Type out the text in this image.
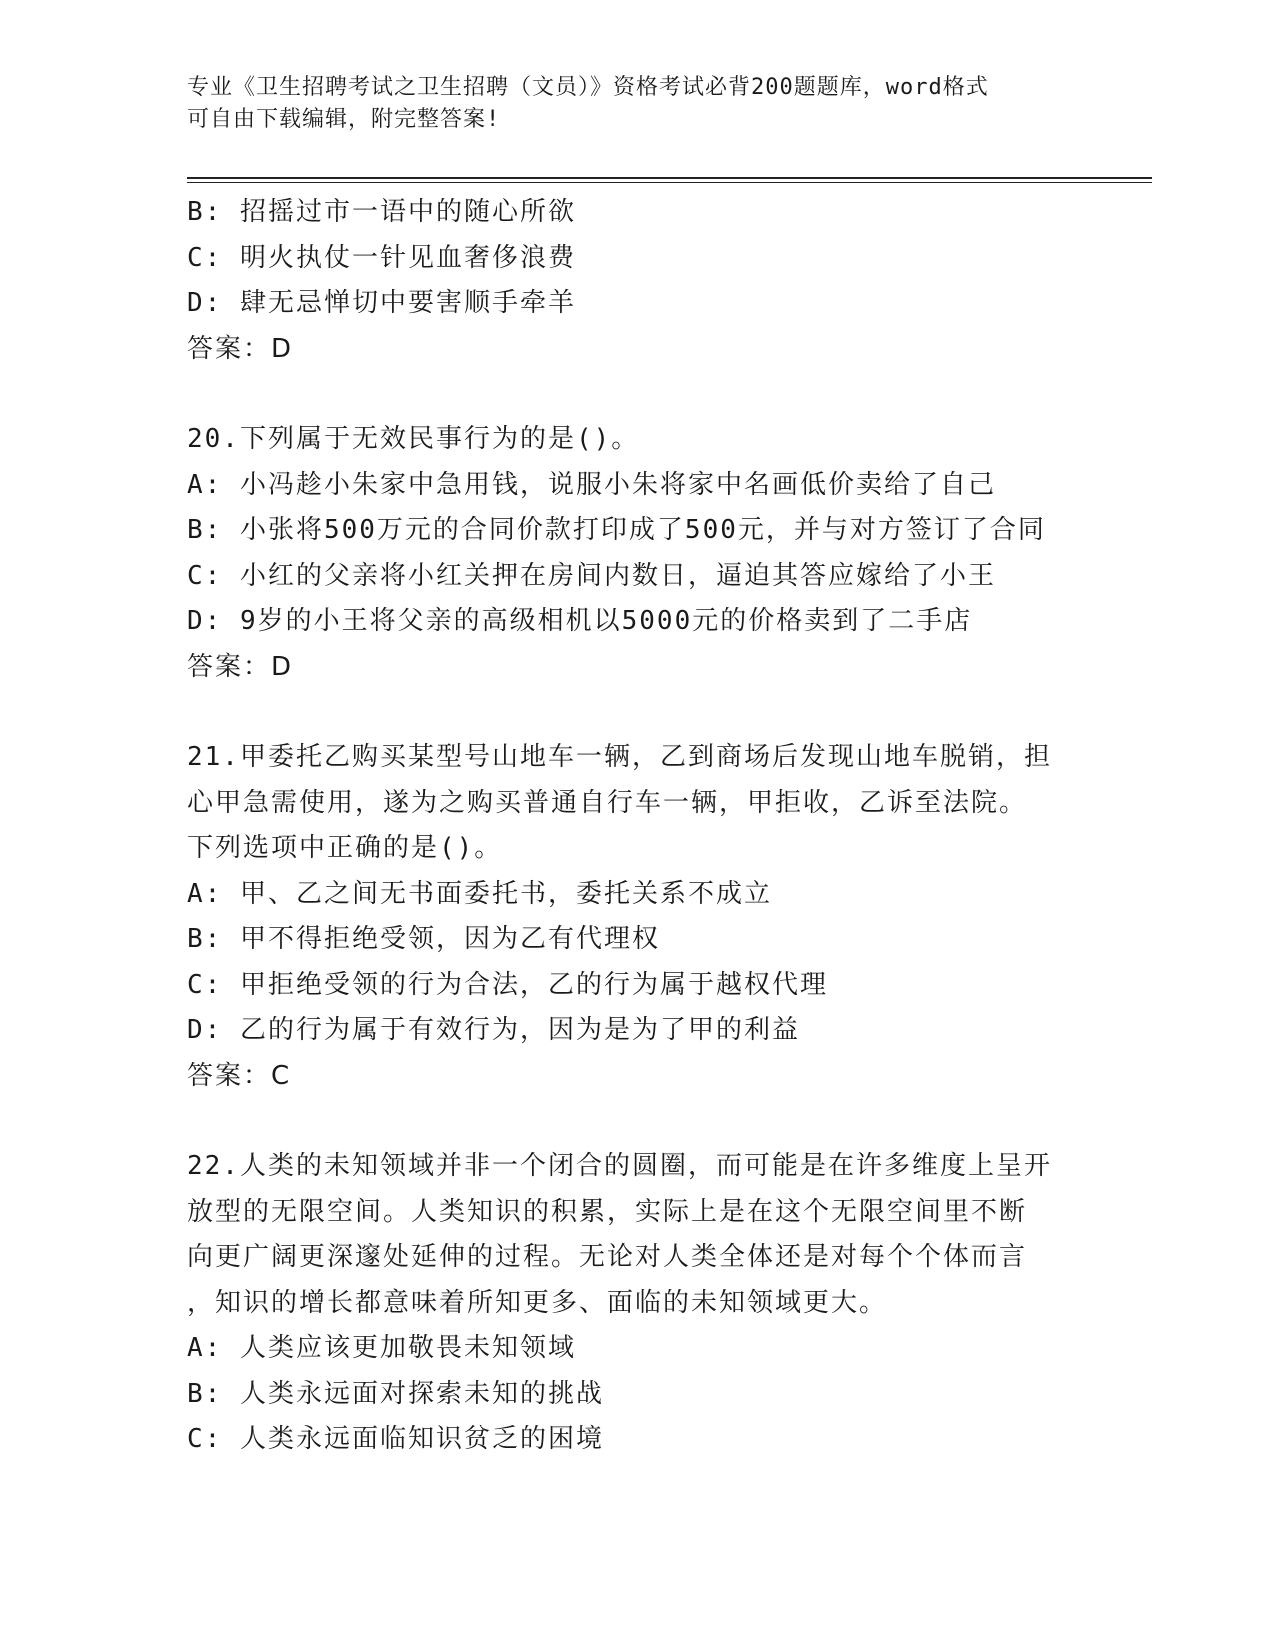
专业《卫生招聘考试之卫生招聘（文员）》资格考试必背200题题库，word格式
可自由下载编辑，附完整答案!
B: 招摇过市一语中的随心所欲
C: 明火执仗一针见血奢侈浪费
D: 肆无忌惮切中要害顺手牵羊
答案：D
20.下列属于无效民事行为的是()。
A: 小冯趁小朱家中急用钱，说服小朱将家中名画低价卖给了自己
B: 小张将500万元的合同价款打印成了500元，并与对方签订了合同
C: 小红的父亲将小红关押在房间内数日，逼迫其答应嫁给了小王
D: 9岁的小王将父亲的高级相机以5000元的价格卖到了二手店
答案：D
21.甲委托乙购买某型号山地车一辆，乙到商场后发现山地车脱销，担
心甲急需使用，遂为之购买普通自行车一辆，甲拒收，乙诉至法院。
下列选项中正确的是()。
A: 甲、乙之间无书面委托书，委托关系不成立
B: 甲不得拒绝受领，因为乙有代理权
C: 甲拒绝受领的行为合法，乙的行为属于越权代理
D: 乙的行为属于有效行为，因为是为了甲的利益
答案：C
22.人类的未知领域并非一个闭合的圆圈，而可能是在许多维度上呈开
放型的无限空间。人类知识的积累，实际上是在这个无限空间里不断
向更广阔更深邃处延伸的过程。无论对人类全体还是对每个个体而言
，知识的增长都意味着所知更多、面临的未知领域更大。
A: 人类应该更加敬畏未知领域
B: 人类永远面对探索未知的挑战
C: 人类永远面临知识贫乏的困境
